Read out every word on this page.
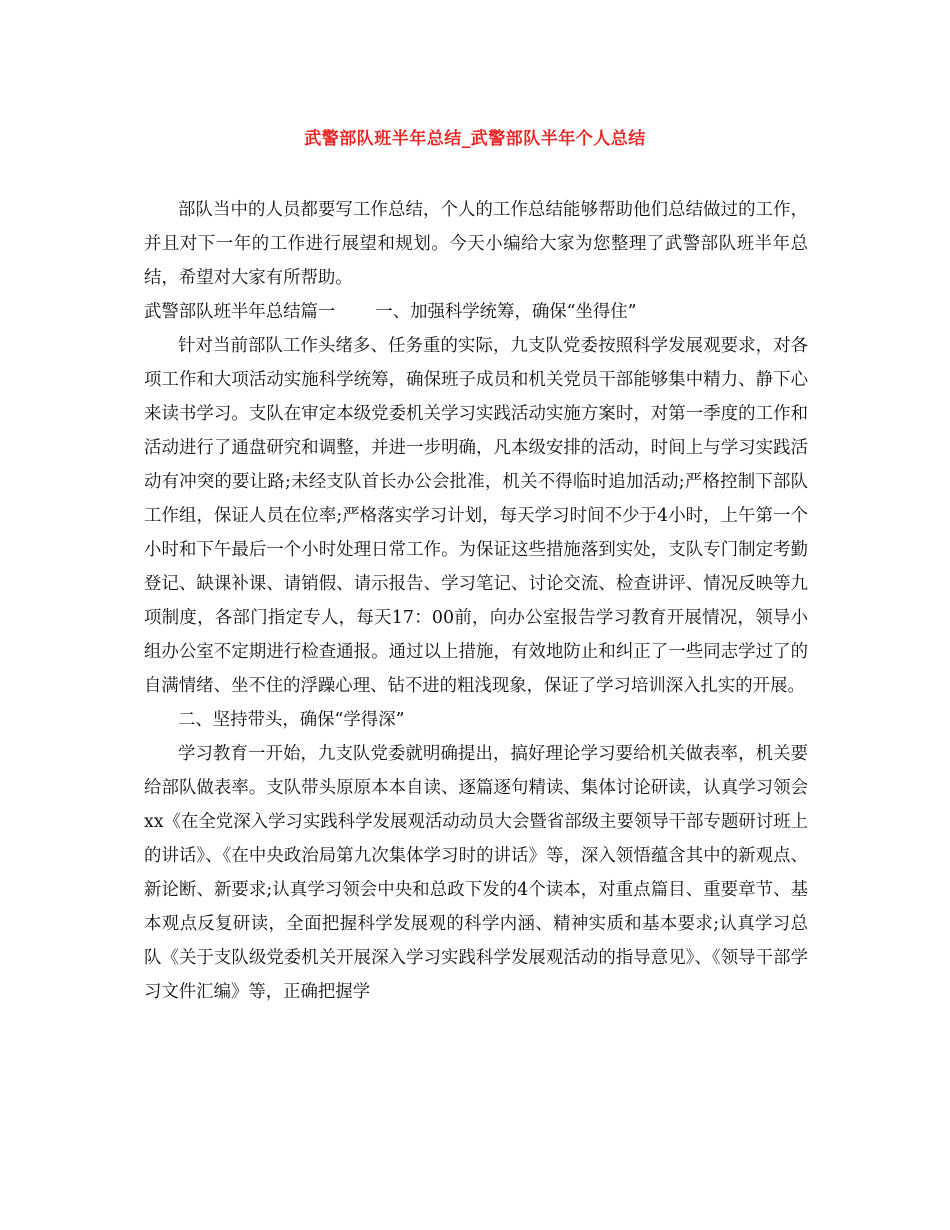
武警部队班半年总结_武警部队半年个人总结

部队当中的人员都要写工作总结，个人的工作总结能够帮助他们总结做过的工作，并且对下一年的工作进行展望和规划。今天小编给大家为您整理了武警部队班半年总结，希望对大家有所帮助。

武警部队班半年总结篇一 一、加强科学统筹，确保“坐得住”

针对当前部队工作头绪多、任务重的实际，九支队党委按照科学发展观要求，对各项工作和大项活动实施科学统筹，确保班子成员和机关党员干部能够集中精力、静下心来读书学习。支队在审定本级党委机关学习实践活动实施方案时，对第一季度的工作和活动进行了通盘研究和调整，并进一步明确，凡本级安排的活动，时间上与学习实践活动有冲突的要让路;未经支队首长办公会批准，机关不得临时追加活动;严格控制下部队工作组，保证人员在位率;严格落实学习计划，每天学习时间不少于4小时，上午第一个小时和下午最后一个小时处理日常工作。为保证这些措施落到实处，支队专门制定考勤登记、缺课补课、请销假、请示报告、学习笔记、讨论交流、检查讲评、情况反映等九项制度，各部门指定专人，每天17：00前，向办公室报告学习教育开展情况，领导小组办公室不定期进行检查通报。通过以上措施，有效地防止和纠正了一些同志学过了的自满情绪、坐不住的浮躁心理、钻不进的粗浅现象，保证了学习培训深入扎实的开展。

二、坚持带头，确保“学得深”

学习教育一开始，九支队党委就明确提出，搞好理论学习要给机关做表率，机关要给部队做表率。支队带头原原本本自读、逐篇逐句精读、集体讨论研读，认真学习领会xx《在全党深入学习实践科学发展观活动动员大会暨省部级主要领导干部专题研讨班上的讲话》、《在中央政治局第九次集体学习时的讲话》等，深入领悟蕴含其中的新观点、新论断、新要求;认真学习领会中央和总政下发的4个读本，对重点篇目、重要章节、基本观点反复研读，全面把握科学发展观的科学内涵、精神实质和基本要求;认真学习总队《关于支队级党委机关开展深入学习实践科学发展观活动的指导意见》、《领导干部学习文件汇编》等，正确把握学
